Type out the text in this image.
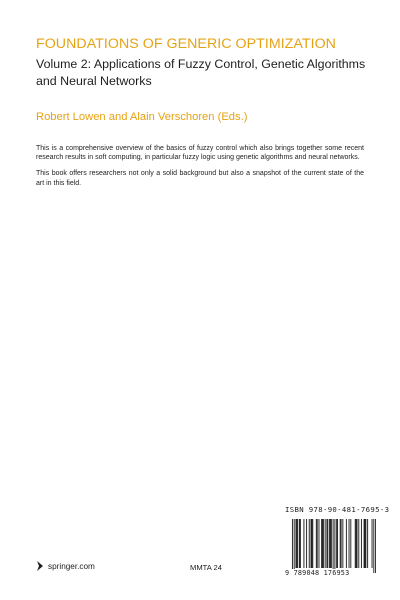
FOUNDATIONS OF GENERIC OPTIMIZATION
Volume 2: Applications of Fuzzy Control, Genetic Algorithms and Neural Networks
Robert Lowen and Alain Verschoren (Eds.)

This is a comprehensive overview of the basics of fuzzy control which also brings together some recent research results in soft computing, in particular fuzzy logic using genetic algorithms and neural networks.

This book offers researchers not only a solid background but also a snapshot of the current state of the art in this field.

ISBN 978-90-481-7695-3
9 789048 176953
springer.com	MMTA 24
